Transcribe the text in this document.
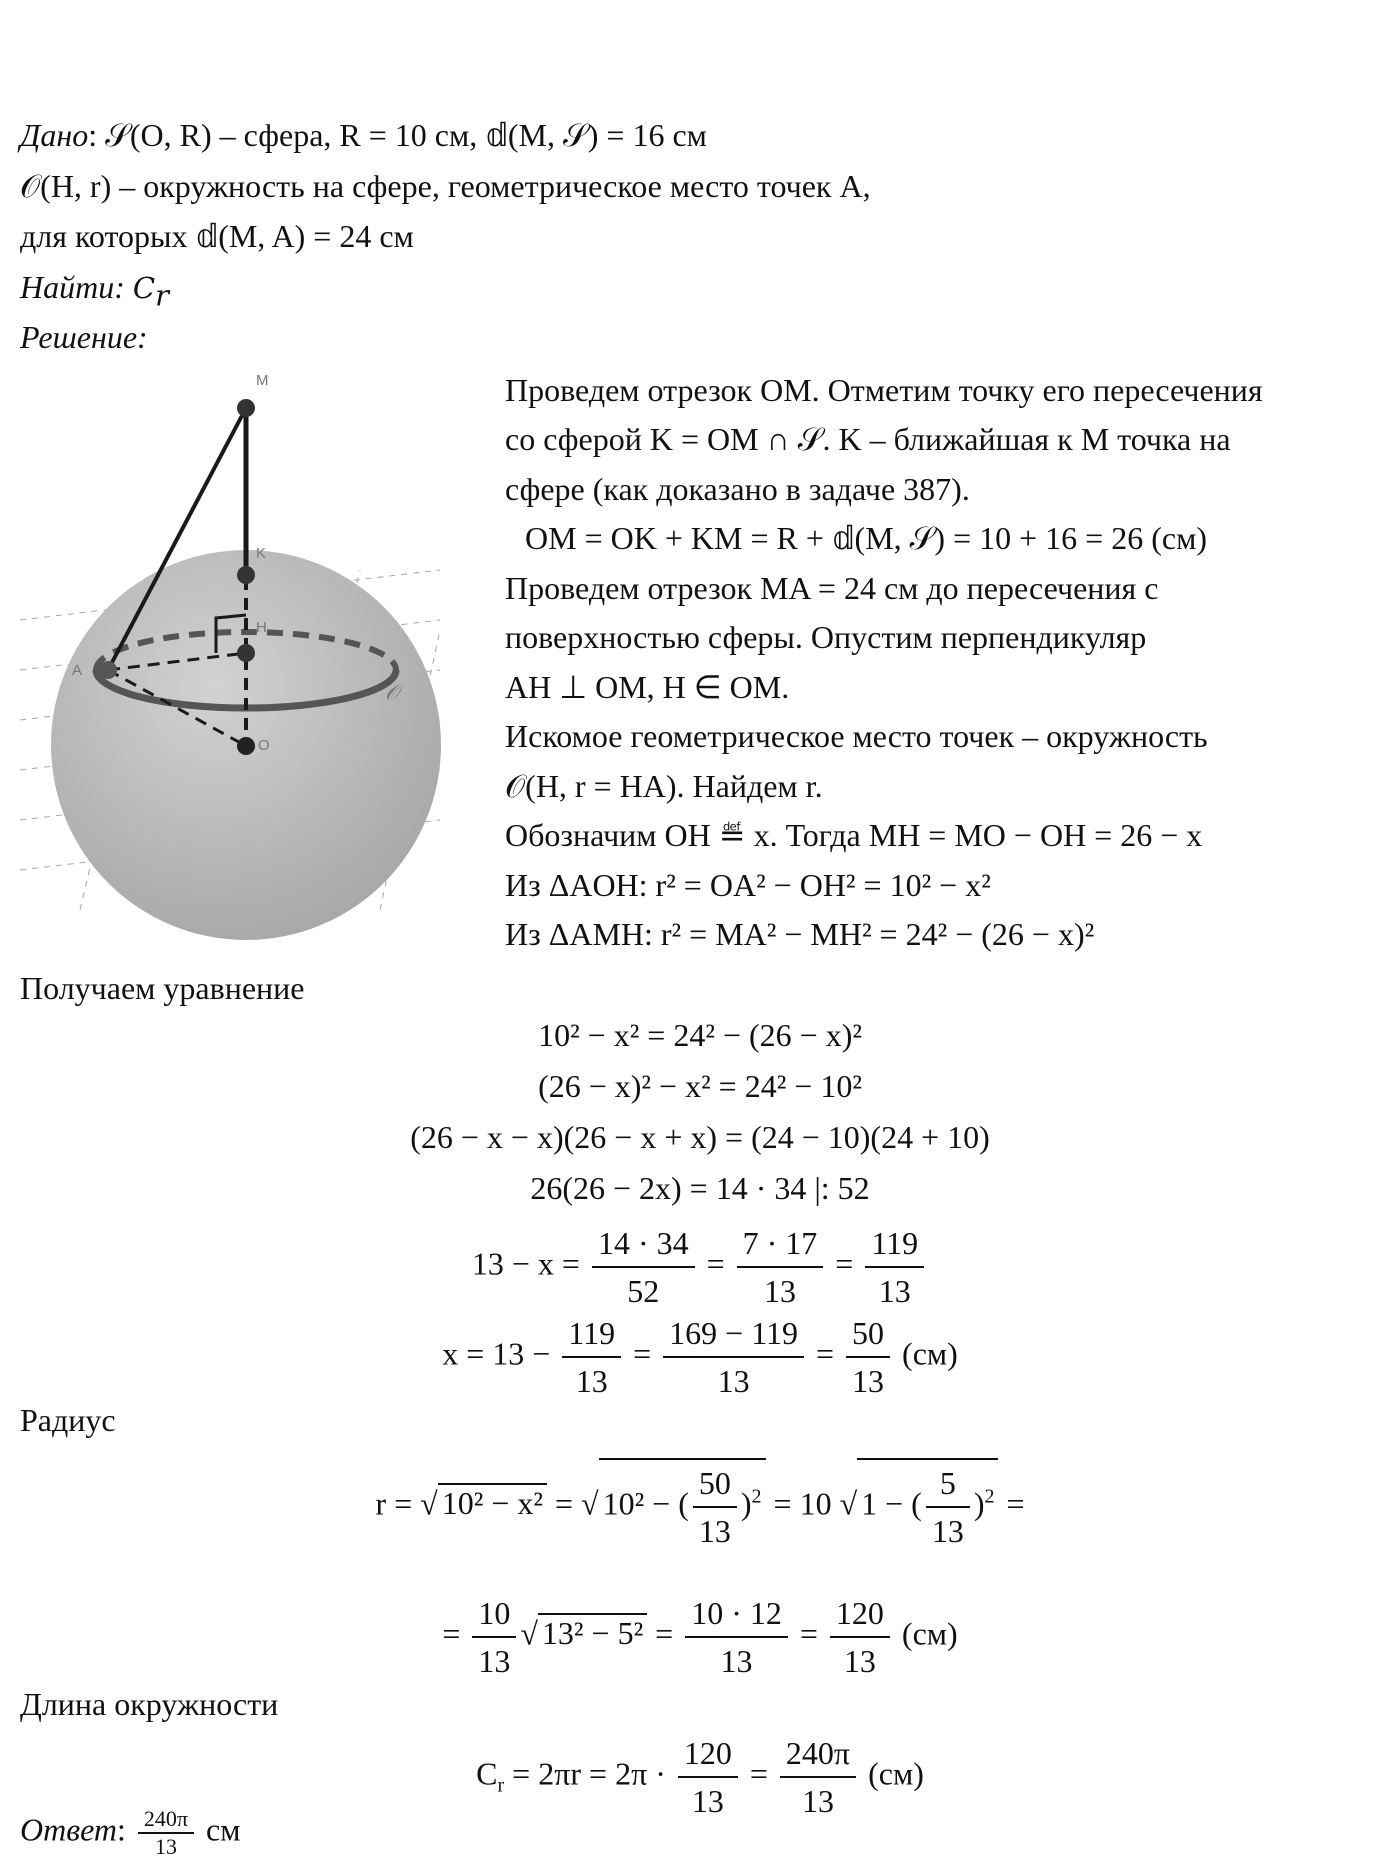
Дано: 𝒮(O, R) – сфера, R = 10 см, 𝕕(M, 𝒮) = 16 см
𝒪(H, r) – окружность на сфере, геометрическое место точек A,
для которых 𝕕(M, A) = 24 см
Найти: $C_r$
Решение:
M
K
H
A
O
𝒪
Проведем отрезок OM. Отметим точку его пересечения
со сферой K = OM ∩ 𝒮. K – ближайшая к M точка на
сфере (как доказано в задаче 387).
OM = OK + KM = R + 𝕕(M, 𝒮) = 10 + 16 = 26 (см)
Проведем отрезок MA = 24 см до пересечения с
поверхностью сферы. Опустим перпендикуляр
AH ⊥ OM, H ∈ OM.
Искомое геометрическое место точек – окружность
𝒪(H, r = HA). Найдем r.
Обозначим OH ≝ x. Тогда MH = MO − OH = 26 − x
Из ΔAOH: r² = OA² − OH² = 10² − x²
Из ΔAMH: r² = MA² − MH² = 24² − (26 − x)²
Получаем уравнение
10² − x² = 24² − (26 − x)²
(26 − x)² − x² = 24² − 10²
(26 − x − x)(26 − x + x) = (24 − 10)(24 + 10)
26(26 − 2x) = 14 · 34 |: 52
$13 - x = \frac{14 \cdot 34}{52} = \frac{7 \cdot 17}{13} = \frac{119}{13}$
$x = 13 - \frac{119}{13} = \frac{169 - 119}{13} = \frac{50}{13} (см)$
Радиус
r = √ 10² − x² = √ 10² − ( $\frac{50}{13} )^2 = 10$ √ 1 − ( $\frac{5}{13} )^2$ =
= $\frac{10}{13}$ √ $13^2 - 5^2 = \frac{10 \cdot 12}{13} = \frac{120}{13} (см)$
Длина окружности
$C_r = 2\pi r = 2\pi \cdot \frac{120}{13} = \frac{240\pi}{13} (см)$
Ответ: $\frac{240\pi}{13}$ см
